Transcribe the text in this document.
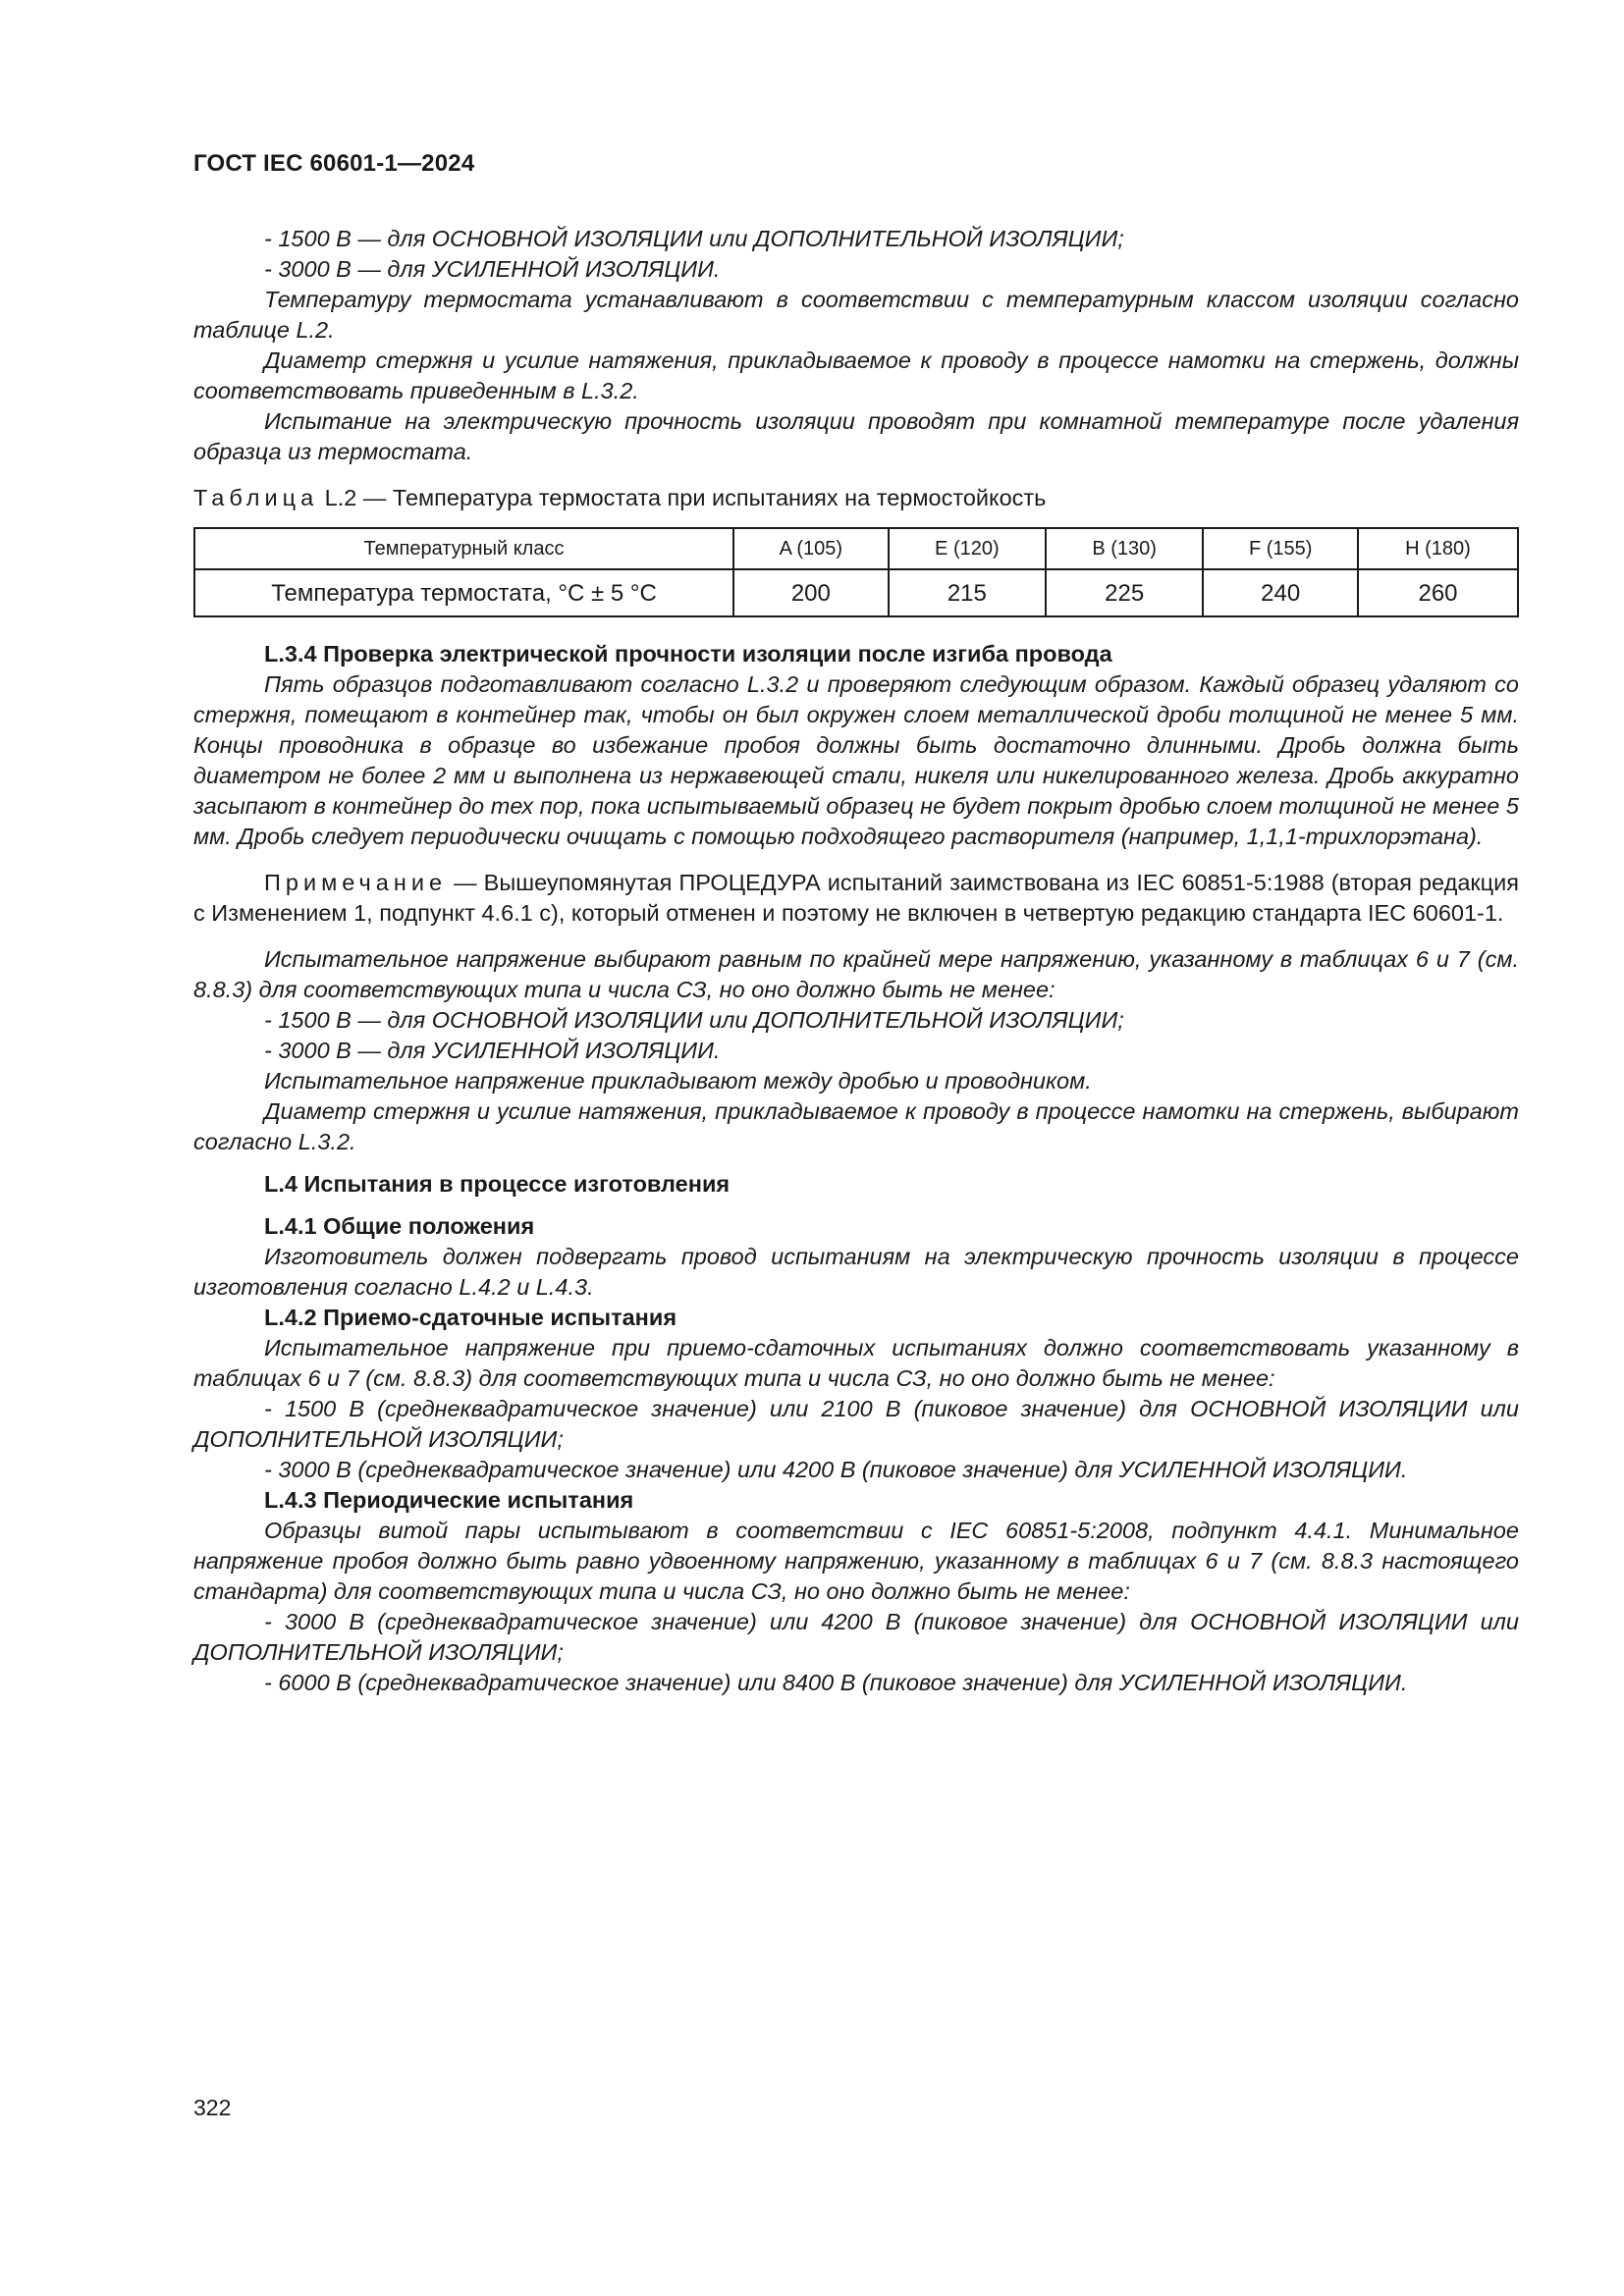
ГОСТ IEC 60601-1—2024

- 1500 В — для ОСНОВНОЙ ИЗОЛЯЦИИ или ДОПОЛНИТЕЛЬНОЙ ИЗОЛЯЦИИ;

- 3000 В — для УСИЛЕННОЙ ИЗОЛЯЦИИ.

Температуру термостата устанавливают в соответствии с температурным классом изоляции согласно таблице L.2.

Диаметр стержня и усилие натяжения, прикладываемое к проводу в процессе намотки на стержень, должны соответствовать приведенным в L.3.2.

Испытание на электрическую прочность изоляции проводят при комнатной температуре после удаления образца из термостата.

Таблица L.2 — Температура термостата при испытаниях на термостойкость

Температурный класс	A (105)	E (120)	B (130)	F (155)	H (180)
Температура термостата, °C ± 5 °C	200	215	225	240	260

L.3.4 Проверка электрической прочности изоляции после изгиба провода

Пять образцов подготавливают согласно L.3.2 и проверяют следующим образом. Каждый образец удаляют со стержня, помещают в контейнер так, чтобы он был окружен слоем металлической дроби толщиной не менее 5 мм. Концы проводника в образце во избежание пробоя должны быть достаточно длинными. Дробь должна быть диаметром не более 2 мм и выполнена из нержавеющей стали, никеля или никелированного железа. Дробь аккуратно засыпают в контейнер до тех пор, пока испытываемый образец не будет покрыт дробью слоем толщиной не менее 5 мм. Дробь следует периодически очищать с помощью подходящего растворителя (например, 1,1,1-трихлорэтана).

Примечание — Вышеупомянутая ПРОЦЕДУРА испытаний заимствована из IEC 60851-5:1988 (вторая редакция с Изменением 1, подпункт 4.6.1 c), который отменен и поэтому не включен в четвертую редакцию стандарта IEC 60601-1.

Испытательное напряжение выбирают равным по крайней мере напряжению, указанному в таблицах 6 и 7 (см. 8.8.3) для соответствующих типа и числа СЗ, но оно должно быть не менее:

- 1500 В — для ОСНОВНОЙ ИЗОЛЯЦИИ или ДОПОЛНИТЕЛЬНОЙ ИЗОЛЯЦИИ;

- 3000 В — для УСИЛЕННОЙ ИЗОЛЯЦИИ.

Испытательное напряжение прикладывают между дробью и проводником.

Диаметр стержня и усилие натяжения, прикладываемое к проводу в процессе намотки на стержень, выбирают согласно L.3.2.

L.4 Испытания в процессе изготовления

L.4.1 Общие положения

Изготовитель должен подвергать провод испытаниям на электрическую прочность изоляции в процессе изготовления согласно L.4.2 и L.4.3.

L.4.2 Приемо-сдаточные испытания

Испытательное напряжение при приемо-сдаточных испытаниях должно соответствовать указанному в таблицах 6 и 7 (см. 8.8.3) для соответствующих типа и числа СЗ, но оно должно быть не менее:

- 1500 В (среднеквадратическое значение) или 2100 В (пиковое значение) для ОСНОВНОЙ ИЗОЛЯЦИИ или ДОПОЛНИТЕЛЬНОЙ ИЗОЛЯЦИИ;

- 3000 В (среднеквадратическое значение) или 4200 В (пиковое значение) для УСИЛЕННОЙ ИЗОЛЯЦИИ.

L.4.3 Периодические испытания

Образцы витой пары испытывают в соответствии с IEC 60851-5:2008, подпункт 4.4.1. Минимальное напряжение пробоя должно быть равно удвоенному напряжению, указанному в таблицах 6 и 7 (см. 8.8.3 настоящего стандарта) для соответствующих типа и числа СЗ, но оно должно быть не менее:

- 3000 В (среднеквадратическое значение) или 4200 В (пиковое значение) для ОСНОВНОЙ ИЗОЛЯЦИИ или ДОПОЛНИТЕЛЬНОЙ ИЗОЛЯЦИИ;

- 6000 В (среднеквадратическое значение) или 8400 В (пиковое значение) для УСИЛЕННОЙ ИЗОЛЯЦИИ.

322
